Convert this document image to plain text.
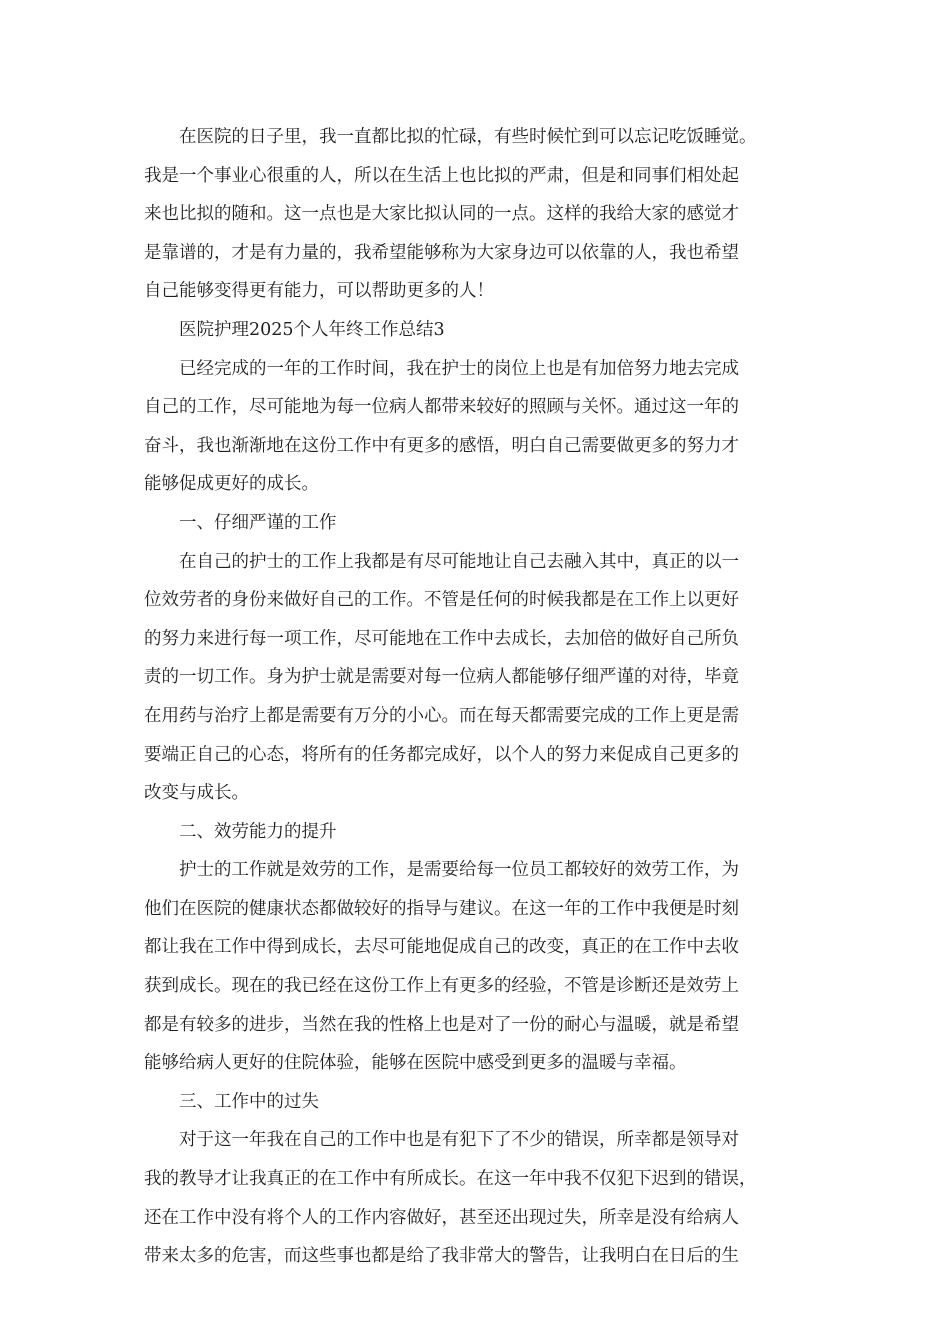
在医院的日子里，我一直都比拟的忙碌，有些时候忙到可以忘记吃饭睡觉。
我是一个事业心很重的人，所以在生活上也比拟的严肃，但是和同事们相处起
来也比拟的随和。这一点也是大家比拟认同的一点。这样的我给大家的感觉才
是靠谱的，才是有力量的，我希望能够称为大家身边可以依靠的人，我也希望
自己能够变得更有能力，可以帮助更多的人！
医院护理2025个人年终工作总结3
已经完成的一年的工作时间，我在护士的岗位上也是有加倍努力地去完成
自己的工作，尽可能地为每一位病人都带来较好的照顾与关怀。通过这一年的
奋斗，我也渐渐地在这份工作中有更多的感悟，明白自己需要做更多的努力才
能够促成更好的成长。
一、仔细严谨的工作
在自己的护士的工作上我都是有尽可能地让自己去融入其中，真正的以一
位效劳者的身份来做好自己的工作。不管是任何的时候我都是在工作上以更好
的努力来进行每一项工作，尽可能地在工作中去成长，去加倍的做好自己所负
责的一切工作。身为护士就是需要对每一位病人都能够仔细严谨的对待，毕竟
在用药与治疗上都是需要有万分的小心。而在每天都需要完成的工作上更是需
要端正自己的心态，将所有的任务都完成好，以个人的努力来促成自己更多的
改变与成长。
二、效劳能力的提升
护士的工作就是效劳的工作，是需要给每一位员工都较好的效劳工作，为
他们在医院的健康状态都做较好的指导与建议。在这一年的工作中我便是时刻
都让我在工作中得到成长，去尽可能地促成自己的改变，真正的在工作中去收
获到成长。现在的我已经在这份工作上有更多的经验，不管是诊断还是效劳上
都是有较多的进步，当然在我的性格上也是对了一份的耐心与温暖，就是希望
能够给病人更好的住院体验，能够在医院中感受到更多的温暖与幸福。
三、工作中的过失
对于这一年我在自己的工作中也是有犯下了不少的错误，所幸都是领导对
我的教导才让我真正的在工作中有所成长。在这一年中我不仅犯下迟到的错误，
还在工作中没有将个人的工作内容做好，甚至还出现过失，所幸是没有给病人
带来太多的危害，而这些事也都是给了我非常大的警告，让我明白在日后的生
